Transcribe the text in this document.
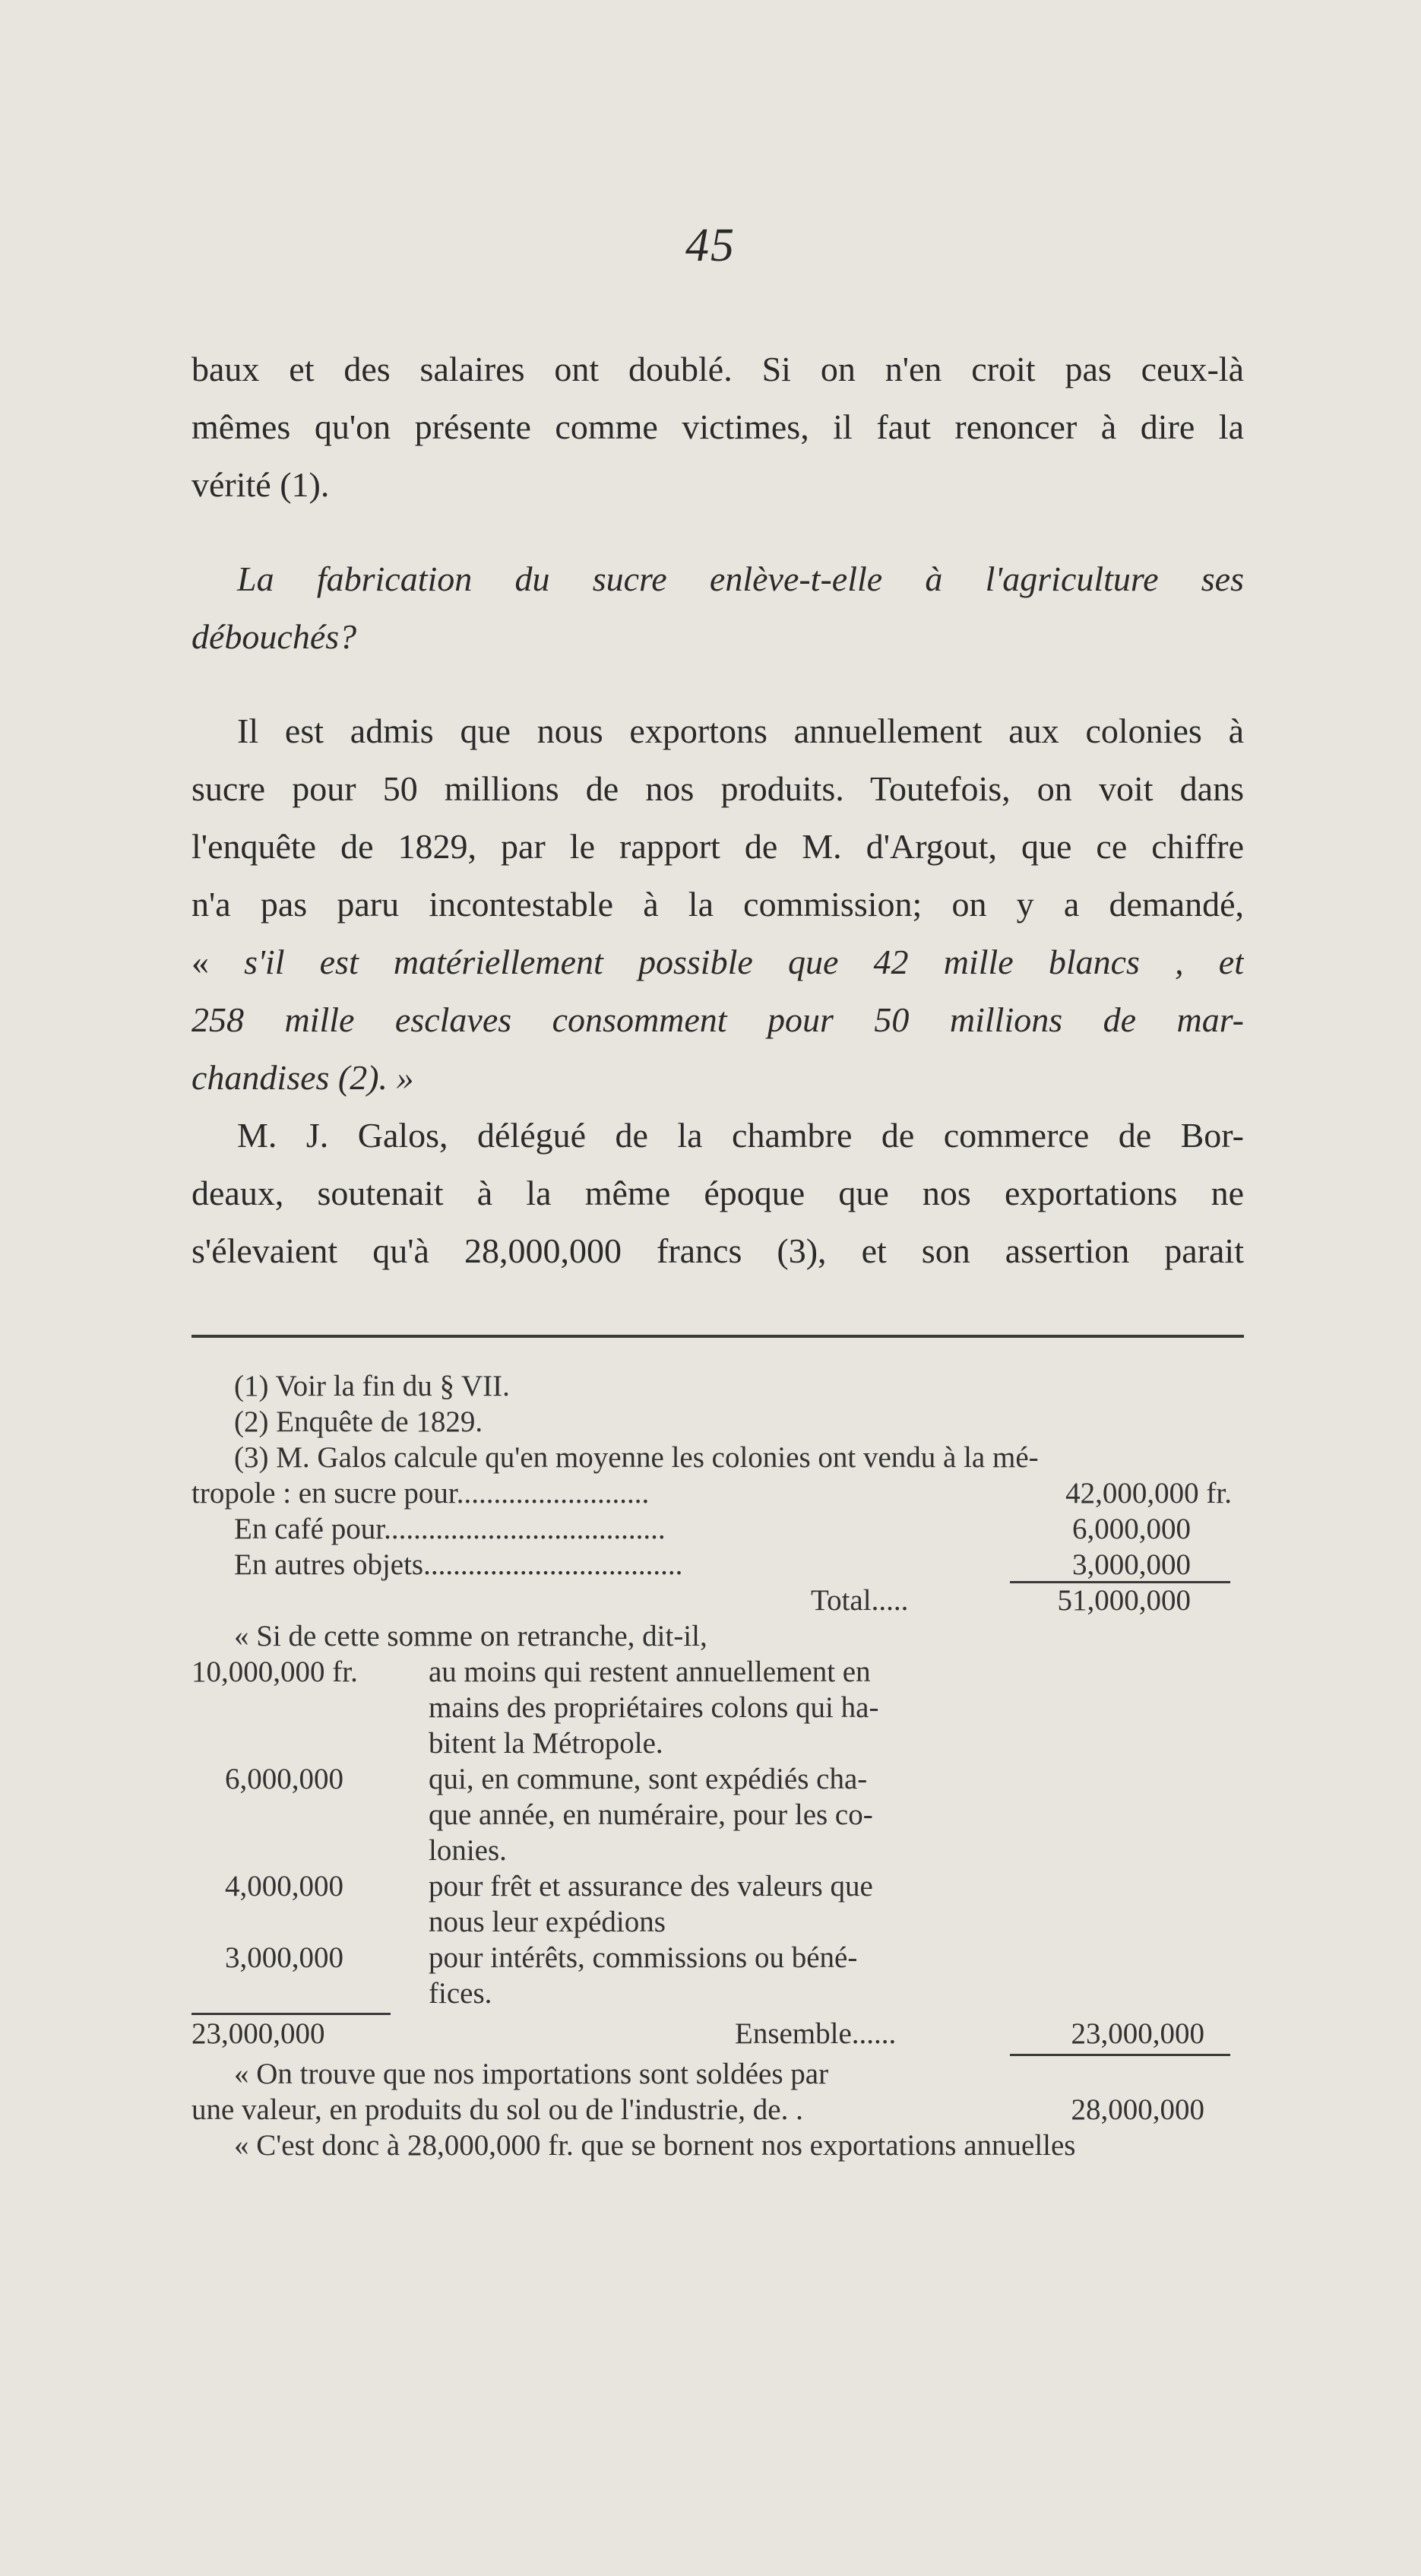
45
baux et des salaires ont doublé. Si on n'en croit pas ceux-là
mêmes qu'on présente comme victimes, il faut renoncer à dire la
vérité (1).
La fabrication du sucre enlève-t-elle à l'agriculture ses
débouchés?
Il est admis que nous exportons annuellement aux colonies à
sucre pour 50 millions de nos produits. Toutefois, on voit dans
l'enquête de 1829, par le rapport de M. d'Argout, que ce chiffre
n'a pas paru incontestable à la commission; on y a demandé,
« s'il est matériellement possible que 42 mille blancs , et
258 mille esclaves consomment pour 50 millions de mar-
chandises (2). »
M. J. Galos, délégué de la chambre de commerce de Bor-
deaux, soutenait à la même époque que nos exportations ne
s'élevaient qu'à 28,000,000 francs (3), et son assertion parait
(1) Voir la fin du § VII.
(2) Enquête de 1829.
(3) M. Galos calcule qu'en moyenne les colonies ont vendu à la mé-
tropole : en sucre pour..........................	42,000,000 fr.
En café pour......................................	6,000,000
En autres objets...................................	3,000,000
Total.....	51,000,000
« Si de cette somme on retranche, dit-il,
10,000,000 fr.	au moins qui restent annuellement en
mains des propriétaires colons qui ha-
bitent la Métropole.
6,000,000	qui, en commune, sont expédiés cha-
que année, en numéraire, pour les co-
lonies.
4,000,000	pour frêt et assurance des valeurs que
nous leur expédions
3,000,000	pour intérêts, commissions ou béné-
fices.
23,000,000	Ensemble......	23,000,000
« On trouve que nos importations sont soldées par
une valeur, en produits du sol ou de l'industrie, de. .	28,000,000
« C'est donc à 28,000,000 fr. que se bornent nos exportations annuelles
